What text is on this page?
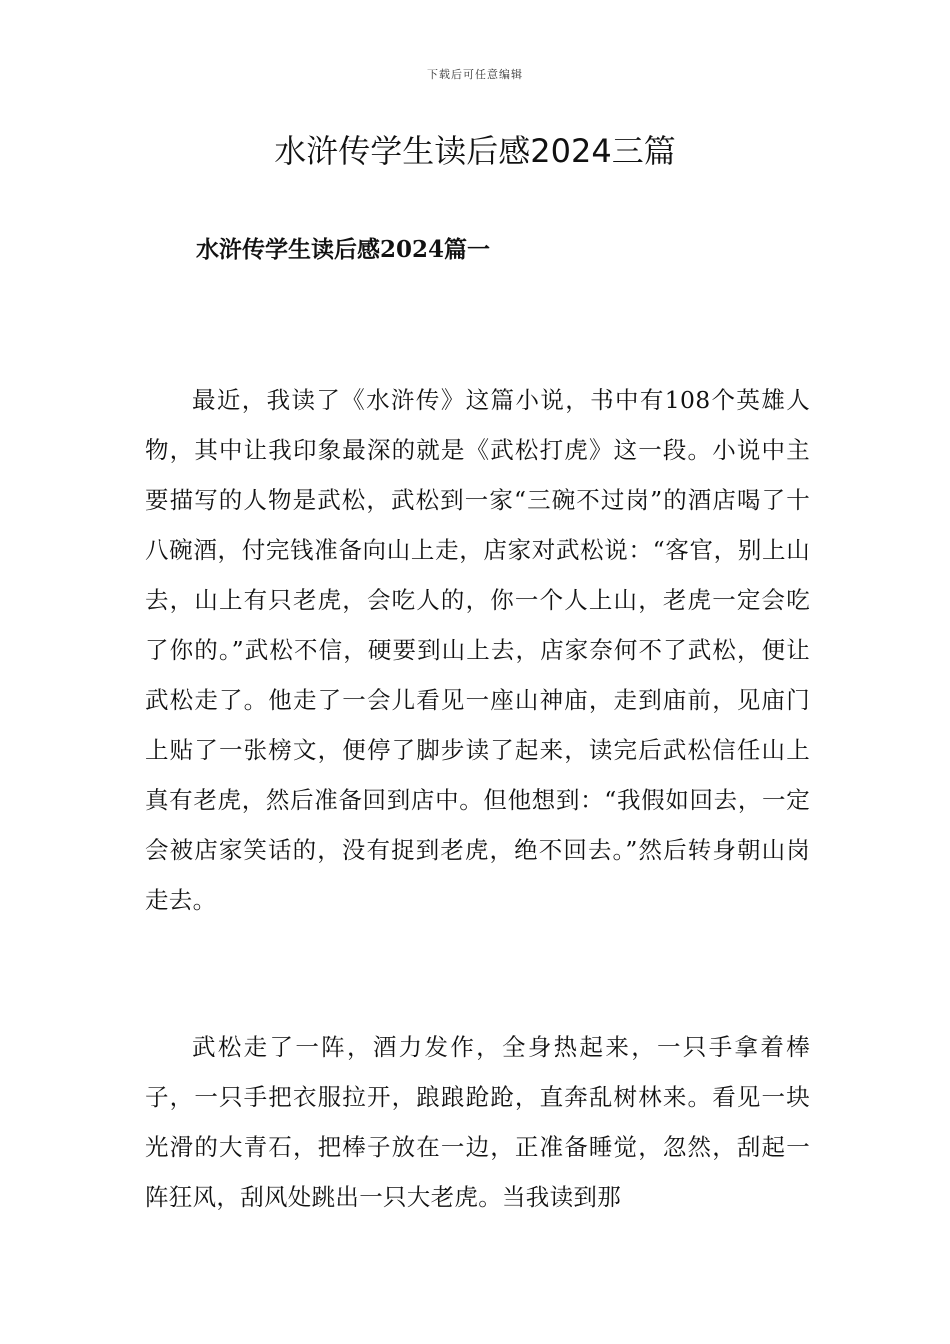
下载后可任意编辑
水浒传学生读后感2024三篇
水浒传学生读后感2024篇一

最近，我读了《水浒传》这篇小说，书中有108个英雄人物，其中让我印象最深的就是《武松打虎》这一段。小说中主要描写的人物是武松，武松到一家“三碗不过岗”的酒店喝了十八碗酒，付完钱准备向山上走，店家对武松说：“客官，别上山去，山上有只老虎，会吃人的，你一个人上山，老虎一定会吃了你的。”武松不信，硬要到山上去，店家奈何不了武松，便让武松走了。他走了一会儿看见一座山神庙，走到庙前，见庙门上贴了一张榜文，便停了脚步读了起来，读完后武松信任山上真有老虎，然后准备回到店中。但他想到：“我假如回去，一定会被店家笑话的，没有捉到老虎，绝不回去。”然后转身朝山岗走去。

武松走了一阵，酒力发作，全身热起来，一只手拿着棒子，一只手把衣服拉开，踉踉跄跄，直奔乱树林来。看见一块光滑的大青石，把棒子放在一边，正准备睡觉，忽然，刮起一阵狂风，刮风处跳出一只大老虎。当我读到那
